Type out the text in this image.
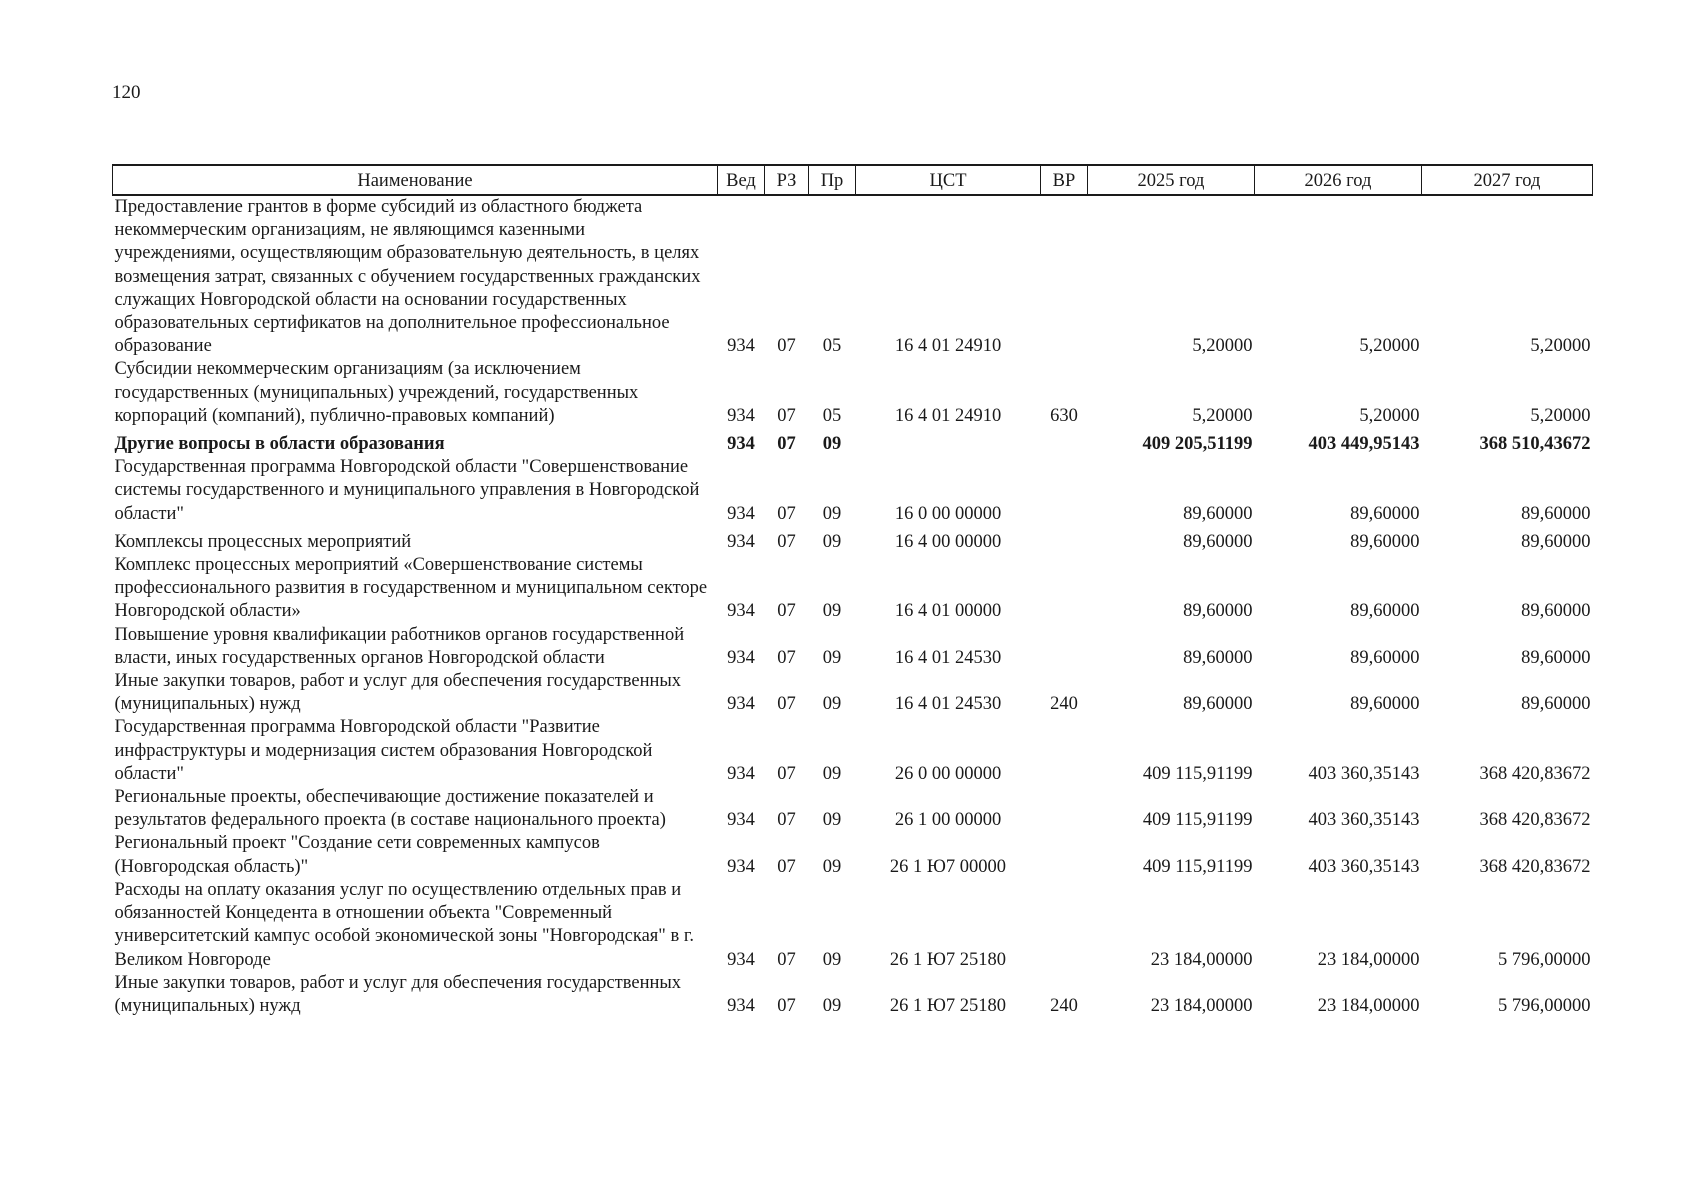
120
Наименование	Вед	РЗ	Пр	ЦСТ	ВР	2025 год	2026 год	2027 год
Предоставление грантов в форме субсидий из областного бюджета некоммерческим организациям, не являющимся казенными учреждениями, осуществляющим образовательную деятельность, в целях возмещения затрат, связанных с обучением государственных гражданских служащих Новгородской области на основании государственных образовательных сертификатов на дополнительное профессиональное образование	934	07	05	16 4 01 24910		5,20000	5,20000	5,20000
Субсидии некоммерческим организациям (за исключением государственных (муниципальных) учреждений, государственных корпораций (компаний), публично-правовых компаний)	934	07	05	16 4 01 24910	630	5,20000	5,20000	5,20000
Другие вопросы в области образования	934	07	09			409 205,51199	403 449,95143	368 510,43672
Государственная программа Новгородской области "Совершенствование системы государственного и муниципального управления в Новгородской области"	934	07	09	16 0 00 00000		89,60000	89,60000	89,60000
Комплексы процессных мероприятий	934	07	09	16 4 00 00000		89,60000	89,60000	89,60000
Комплекс процессных мероприятий «Совершенствование системы профессионального развития в государственном и муниципальном секторе Новгородской области»	934	07	09	16 4 01 00000		89,60000	89,60000	89,60000
Повышение уровня квалификации работников органов государственной власти, иных государственных органов Новгородской области	934	07	09	16 4 01 24530		89,60000	89,60000	89,60000
Иные закупки товаров, работ и услуг для обеспечения государственных (муниципальных) нужд	934	07	09	16 4 01 24530	240	89,60000	89,60000	89,60000
Государственная программа Новгородской области "Развитие инфраструктуры и модернизация систем образования Новгородской области"	934	07	09	26 0 00 00000		409 115,91199	403 360,35143	368 420,83672
Региональные проекты, обеспечивающие достижение показателей и результатов федерального проекта (в составе национального проекта)	934	07	09	26 1 00 00000		409 115,91199	403 360,35143	368 420,83672
Региональный проект "Создание сети современных кампусов (Новгородская область)"	934	07	09	26 1 Ю7 00000		409 115,91199	403 360,35143	368 420,83672
Расходы на оплату оказания услуг по осуществлению отдельных прав и обязанностей Концедента в отношении объекта "Современный университетский кампус особой экономической зоны "Новгородская" в г. Великом Новгороде	934	07	09	26 1 Ю7 25180		23 184,00000	23 184,00000	5 796,00000
Иные закупки товаров, работ и услуг для обеспечения государственных (муниципальных) нужд	934	07	09	26 1 Ю7 25180	240	23 184,00000	23 184,00000	5 796,00000
